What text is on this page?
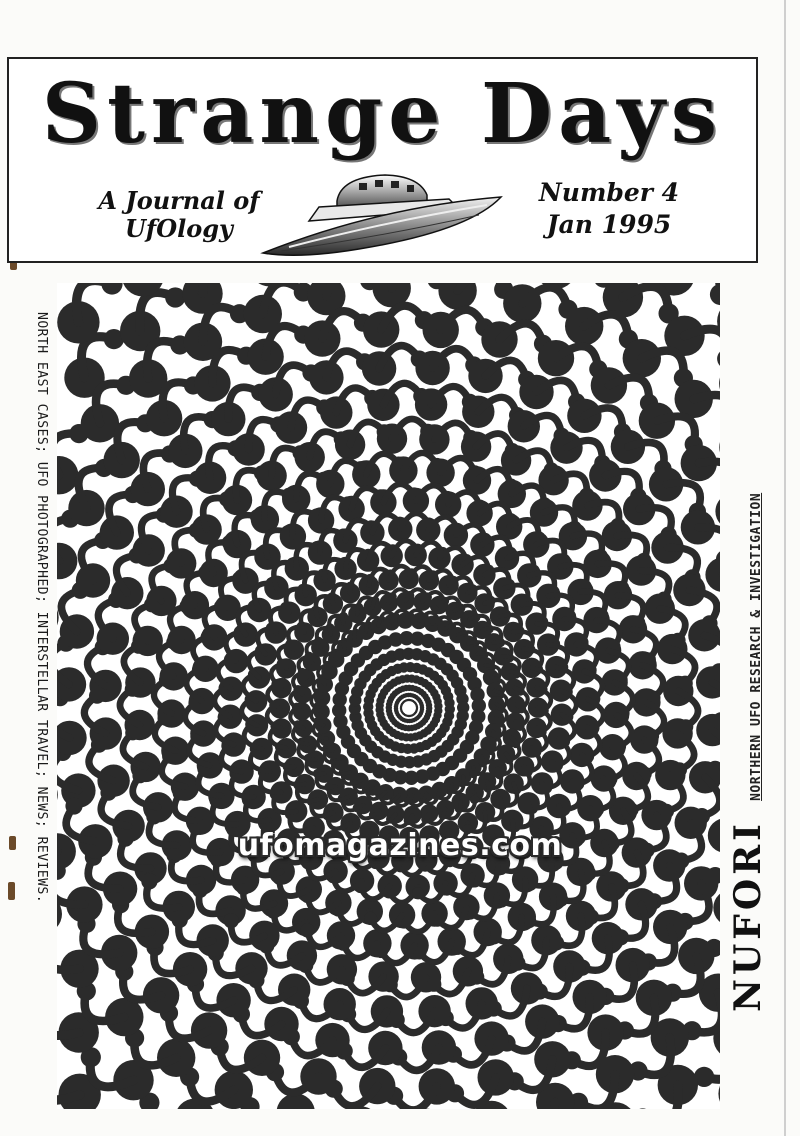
Strange Days
A Journal of UfOlogy
Number 4
Jan 1995
NORTH EAST CASES; UFO PHOTOGRAPHED; INTERSTELLAR TRAVEL; NEWS; REVIEWS.
NUFORI NORTHERN UFO RESEARCH & INVESTIGATION
ufomagazines.com
